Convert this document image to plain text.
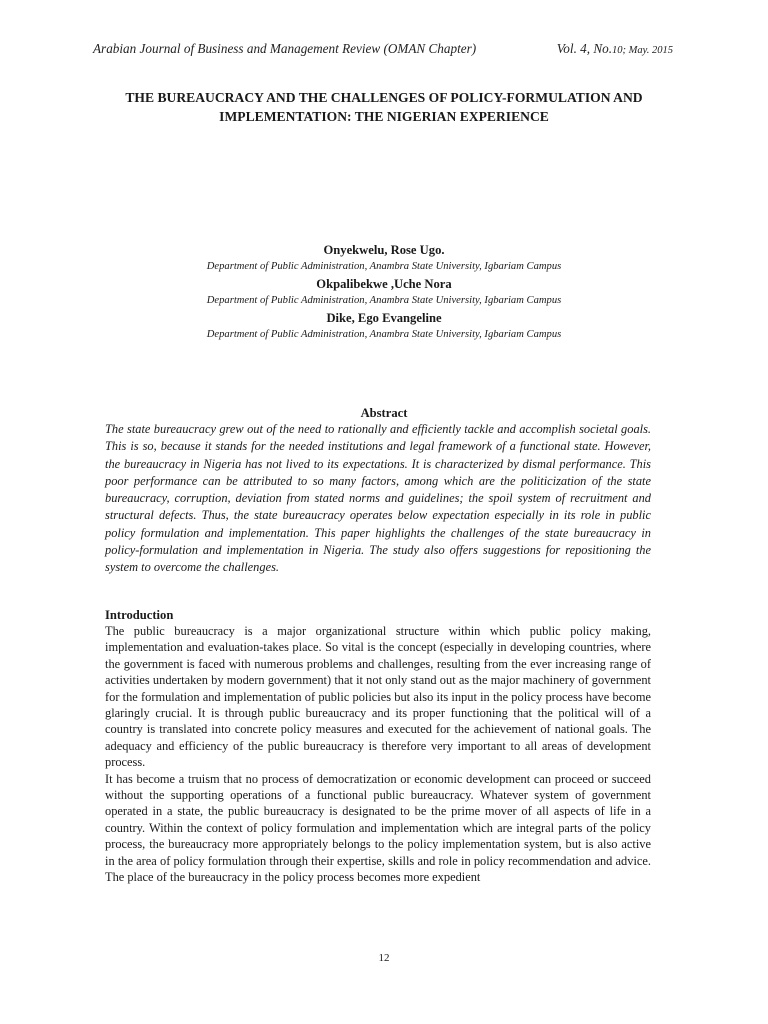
Arabian Journal of Business and Management Review (OMAN Chapter)	Vol. 4, No.10; May. 2015
THE BUREAUCRACY AND THE CHALLENGES OF POLICY-FORMULATION AND IMPLEMENTATION: THE NIGERIAN EXPERIENCE
Onyekwelu, Rose Ugo.
Department of Public Administration, Anambra State University, Igbariam Campus
Okpalibekwe ,Uche Nora
Department of Public Administration, Anambra State University, Igbariam Campus
Dike, Ego Evangeline
Department of Public Administration, Anambra State University, Igbariam Campus
Abstract

The state bureaucracy grew out of the need to rationally and efficiently tackle and accomplish societal goals. This is so, because it stands for the needed institutions and legal framework of a functional state. However, the bureaucracy in Nigeria has not lived to its expectations. It is characterized by dismal performance. This poor performance can be attributed to so many factors, among which are the politicization of the state bureaucracy, corruption, deviation from stated norms and guidelines; the spoil system of recruitment and structural defects. Thus, the state bureaucracy operates below expectation especially in its role in public policy formulation and implementation. This paper highlights the challenges of the state bureaucracy in policy-formulation and implementation in Nigeria. The study also offers suggestions for repositioning the system to overcome the challenges.

Introduction

The public bureaucracy is a major organizational structure within which public policy making, implementation and evaluation-takes place. So vital is the concept (especially in developing countries, where the government is faced with numerous problems and challenges, resulting from the ever increasing range of activities undertaken by modern government) that it not only stand out as the major machinery of government for the formulation and implementation of public policies but also its input in the policy process have become glaringly crucial. It is through public bureaucracy and its proper functioning that the political will of a country is translated into concrete policy measures and executed for the achievement of national goals. The adequacy and efficiency of the public bureaucracy is therefore very important to all areas of development process.

It has become a truism that no process of democratization or economic development can proceed or succeed without the supporting operations of a functional public bureaucracy. Whatever system of government operated in a state, the public bureaucracy is designated to be the prime mover of all aspects of life in a country. Within the context of policy formulation and implementation which are integral parts of the policy process, the bureaucracy more appropriately belongs to the policy implementation system, but is also active in the area of policy formulation through their expertise, skills and role in policy recommendation and advice. The place of the bureaucracy in the policy process becomes more expedient

12
